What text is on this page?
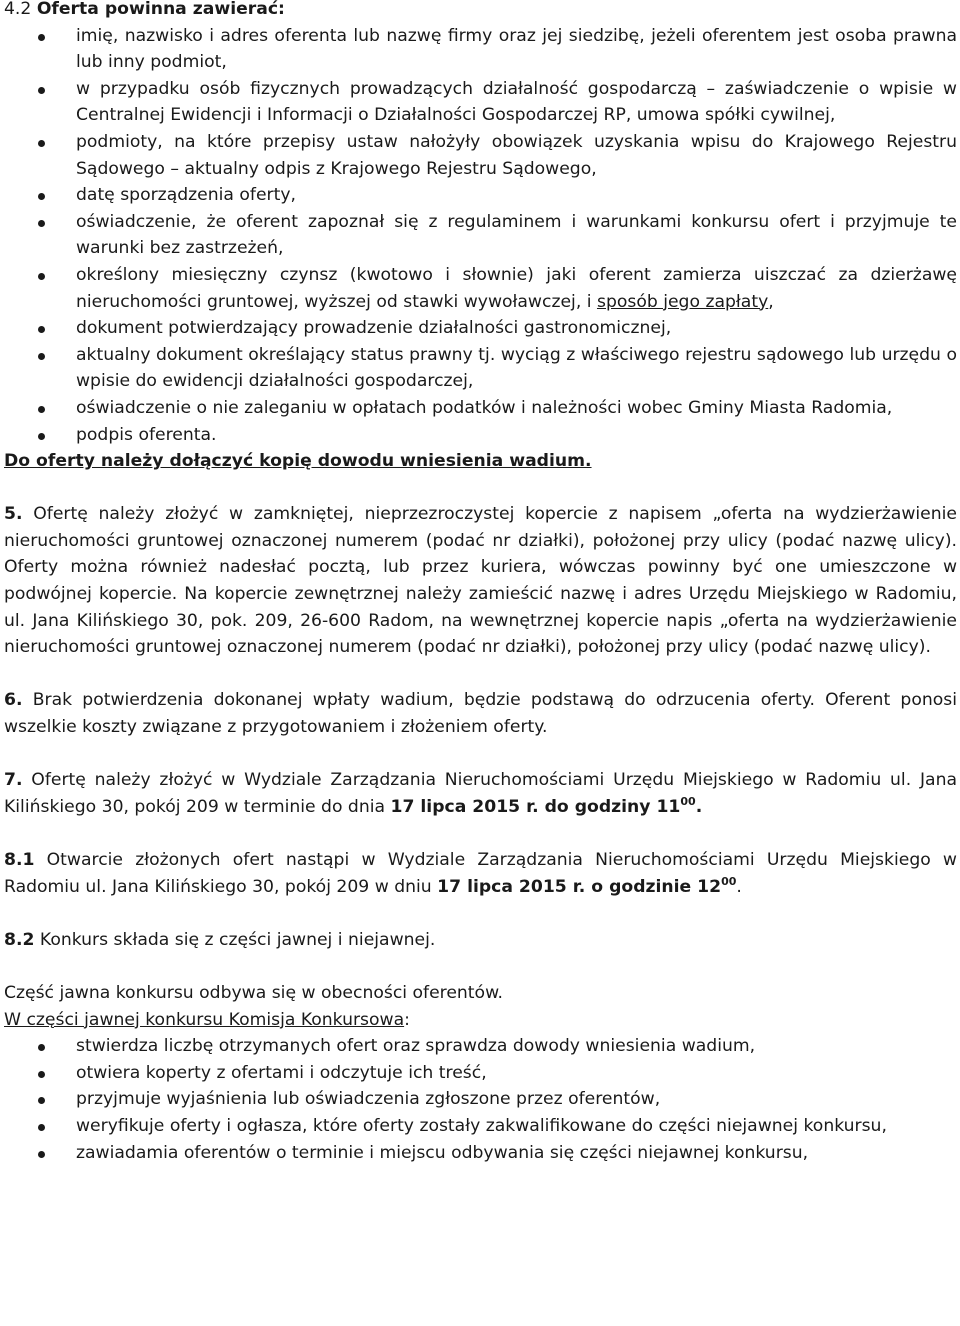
4.2 Oferta powinna zawierać:

imię, nazwisko i adres oferenta lub nazwę firmy oraz jej siedzibę, jeżeli oferentem jest osoba prawna lub inny podmiot,
w przypadku osób fizycznych prowadzących działalność gospodarczą – zaświadczenie o wpisie w Centralnej Ewidencji i Informacji o Działalności Gospodarczej RP, umowa spółki cywilnej,
podmioty, na które przepisy ustaw nałożyły obowiązek uzyskania wpisu do Krajowego Rejestru Sądowego – aktualny odpis z Krajowego Rejestru Sądowego,
datę sporządzenia oferty,
oświadczenie, że oferent zapoznał się z regulaminem i warunkami konkursu ofert i przyjmuje te warunki bez zastrzeżeń,
określony miesięczny czynsz (kwotowo i słownie) jaki oferent zamierza uiszczać za dzierżawę nieruchomości gruntowej, wyższej od stawki wywoławczej, i sposób jego zapłaty,
dokument potwierdzający prowadzenie działalności gastronomicznej,
aktualny dokument określający status prawny tj. wyciąg z właściwego rejestru sądowego lub urzędu o wpisie do ewidencji działalności gospodarczej,
oświadczenie o nie zaleganiu w opłatach podatków i należności wobec Gminy Miasta Radomia,
podpis oferenta.

Do oferty należy dołączyć kopię dowodu wniesienia wadium.

5. Ofertę należy złożyć w zamkniętej, nieprzezroczystej kopercie z napisem „oferta na wydzierżawienie nieruchomości gruntowej oznaczonej numerem (podać nr działki), położonej przy ulicy (podać nazwę ulicy). Oferty można również nadesłać pocztą, lub przez kuriera, wówczas powinny być one umieszczone w podwójnej kopercie. Na kopercie zewnętrznej należy zamieścić nazwę i adres Urzędu Miejskiego w Radomiu, ul. Jana Kilińskiego 30, pok. 209, 26-600 Radom, na wewnętrznej kopercie napis „oferta na wydzierżawienie nieruchomości gruntowej oznaczonej numerem (podać nr działki), położonej przy ulicy (podać nazwę ulicy).

6. Brak potwierdzenia dokonanej wpłaty wadium, będzie podstawą do odrzucenia oferty. Oferent ponosi wszelkie koszty związane z przygotowaniem i złożeniem oferty.

7. Ofertę należy złożyć w Wydziale Zarządzania Nieruchomościami Urzędu Miejskiego w Radomiu ul. Jana Kilińskiego 30, pokój 209 w terminie do dnia 17 lipca 2015 r. do godziny $11^{00}$.

8.1 Otwarcie złożonych ofert nastąpi w Wydziale Zarządzania Nieruchomościami Urzędu Miejskiego w Radomiu ul. Jana Kilińskiego 30, pokój 209 w dniu 17 lipca 2015 r. o godzinie $12^{00}$.

8.2 Konkurs składa się z części jawnej i niejawnej.

Część jawna konkursu odbywa się w obecności oferentów.

W części jawnej konkursu Komisja Konkursowa:

stwierdza liczbę otrzymanych ofert oraz sprawdza dowody wniesienia wadium,
otwiera koperty z ofertami i odczytuje ich treść,
przyjmuje wyjaśnienia lub oświadczenia zgłoszone przez oferentów,
weryfikuje oferty i ogłasza, które oferty zostały zakwalifikowane do części niejawnej konkursu,
zawiadamia oferentów o terminie i miejscu odbywania się części niejawnej konkursu,
